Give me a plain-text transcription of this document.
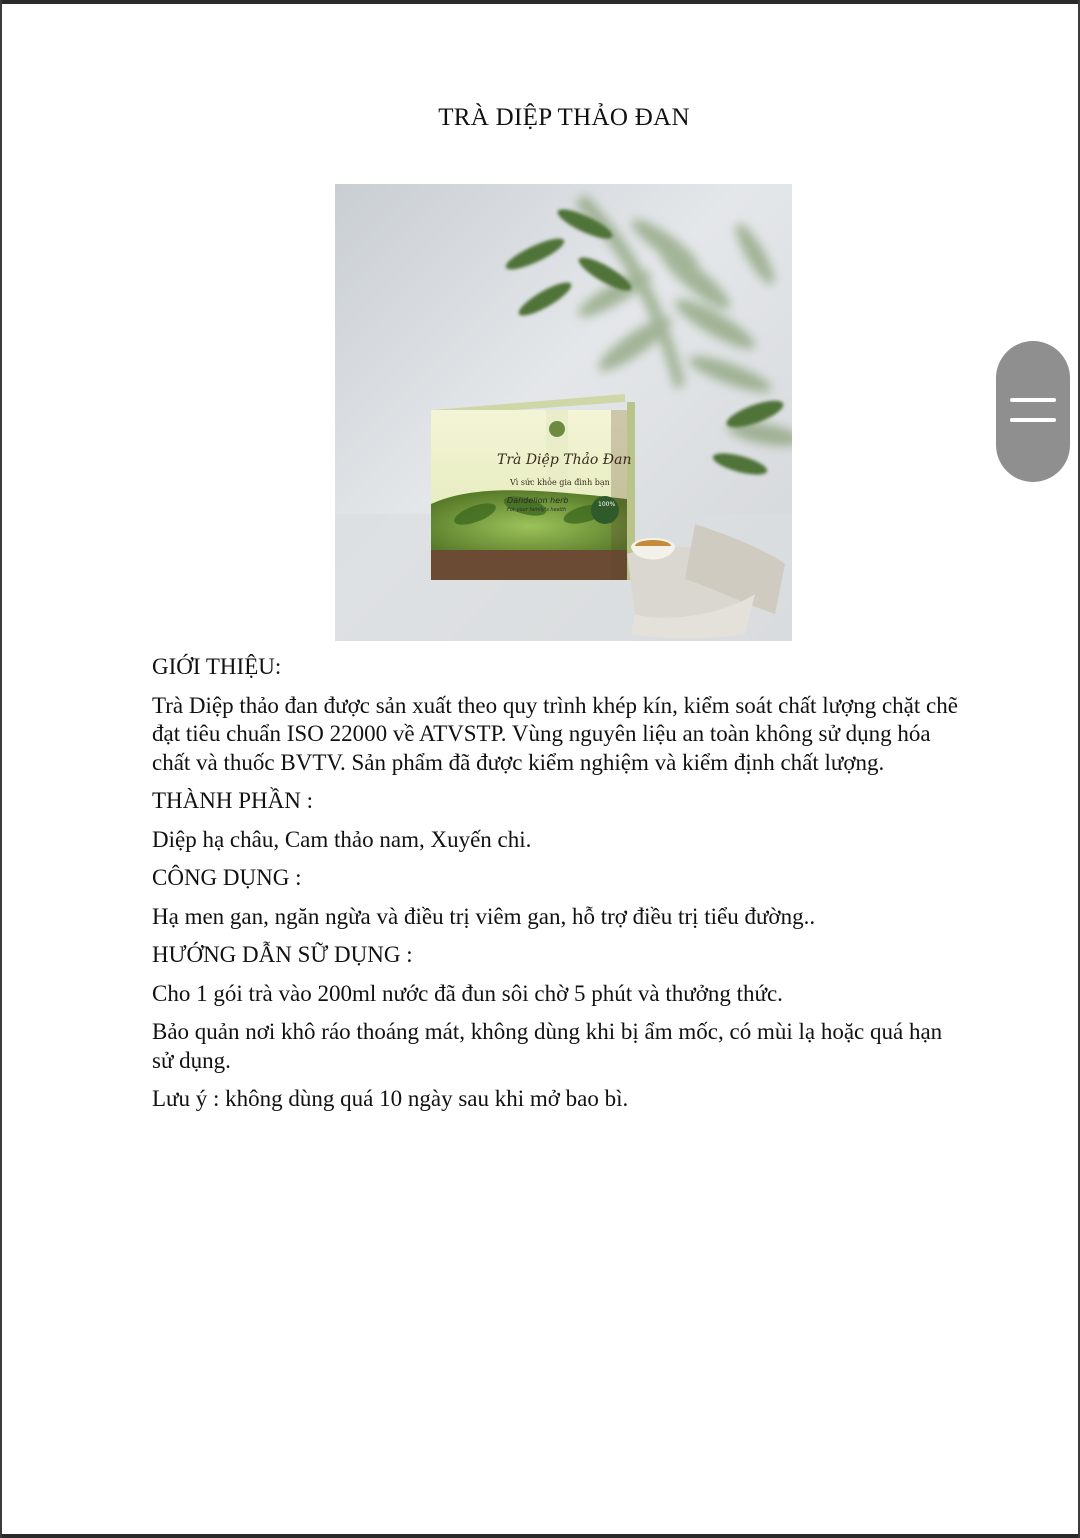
TRÀ DIỆP THẢO ĐAN
Trà Diệp Thảo Đan
Vì sức khỏe gia đình bạn
Dandelion herb
For your family's health
100%

GIỚI THIỆU:

Trà Diệp thảo đan được sản xuất theo quy trình khép kín, kiểm soát chất lượng chặt chẽ đạt tiêu chuẩn ISO 22000 về ATVSTP. Vùng nguyên liệu an toàn không sử dụng hóa chất và thuốc BVTV. Sản phẩm đã được kiểm nghiệm và kiểm định chất lượng.

THÀNH PHẦN :

Diệp hạ châu, Cam thảo nam, Xuyến chi.

CÔNG DỤNG :

Hạ men gan, ngăn ngừa và điều trị viêm gan, hỗ trợ điều trị tiểu đường..

HƯỚNG DẪN SỮ DỤNG :

Cho 1 gói trà vào 200ml nước đã đun sôi chờ 5 phút và thưởng thức.

Bảo quản nơi khô ráo thoáng mát, không dùng khi bị ẩm mốc, có mùi lạ hoặc quá hạn sử dụng.

Lưu ý : không dùng quá 10 ngày sau khi mở bao bì.
